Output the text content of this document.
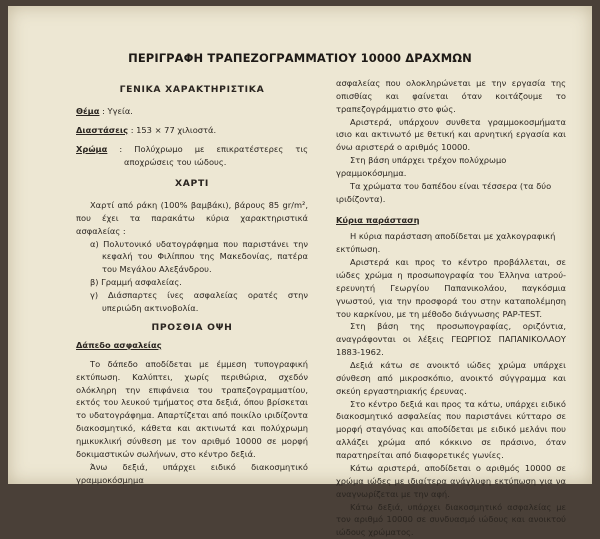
ΠΕΡΙΓΡΑΦΗ ΤΡΑΠΕΖΟΓΡΑΜΜΑΤΙΟΥ 10000 ΔΡΑΧΜΩΝ

ΓΕΝΙΚΑ ΧΑΡΑΚΤΗΡΙΣΤΙΚΑ

Θέμα : Υγεία.

Διαστάσεις : 153 × 77 χιλιοστά.

Χρώμα : Πολύχρωμο με επικρατέστερες τις αποχρώσεις του ιώδους.

ΧΑΡΤΙ

Χαρτί από ράκη (100% βαμβάκι), βάρους 85 gr/m², που έχει τα παρακάτω κύρια χαρακτηριστικά ασφαλείας :

α) Πολυτονικό υδατογράφημα που παριστάνει την κεφαλή του Φιλίππου της Μακεδονίας, πατέρα του Μεγάλου Αλεξάνδρου.

β) Γραμμή ασφαλείας.

γ) Διάσπαρτες ίνες ασφαλείας ορατές στην υπεριώδη ακτινοβολία.

ΠΡΟΣΘΙΑ ΟΨΗ

Δάπεδο ασφαλείας

Το δάπεδο αποδίδεται με έμμεση τυπογραφική εκτύπωση. Καλύπτει, χωρίς περιθώρια, σχεδόν ολόκληρη την επιφάνεια του τραπεζογραμματίου, εκτός του λευκού τμήματος στα δεξιά, όπου βρίσκεται το υδατογράφημα. Απαρτίζεται από ποικίλο ιριδίζοντα διακοσμητικό, κάθετα και ακτινωτά και πολύχρωμη ημικυκλική σύνθεση με τον αριθμό 10000 σε μορφή δοκιμαστικών σωλήνων, στο κέντρο δεξιά.

Άνω δεξιά, υπάρχει ειδικό διακοσμητικό γραμμοκόσμημα

ασφαλείας που ολοκληρώνεται με την εργασία της οπισθίας και φαίνεται όταν κοιτάζουμε το τραπεζογράμματιο στο φώς.

Αριστερά, υπάρχουν συνθετα γραμμοκοσμήματα ισιο και ακτινωτό με θετική και αρνητική εργασία και όνω αριστερά ο αριθμός 10000.

Στη βάση υπάρχει τρέχον πολύχρωμο γραμμοκόσμημα.

Τα χρώματα του δαπέδου είναι τέσσερα (τα δύο ιριδίζοντα).

Κύρια παράσταση

Η κύρια παράσταση αποδίδεται με χαλκογραφική εκτύπωση.

Αριστερά και προς το κέντρο προβάλλεται, σε ιώδες χρώμα η προσωπογραφία του Έλληνα ιατρού-ερευνητή Γεωργίου Παπανικολάου, παγκόσμια γνωστού, για την προσφορά του στην καταπολέμηση του καρκίνου, με τη μέθοδο διάγνωσης PAP-TEST.

Στη βάση της προσωπογραφίας, οριζόντια, αναγράφονται οι λέξεις ΓΕΩΡΓΙΟΣ ΠΑΠΑΝΙΚΟΛΑΟΥ 1883-1962.

Δεξιά κάτω σε ανοικτό ιώδες χρώμα υπάρχει σύνθεση από μικροσκόπιο, ανοικτό σύγγραμμα και σκεύη εργαστηριακής έρευνας.

Στο κέντρο δεξιά και προς τα κάτω, υπάρχει ειδικό διακοσμητικό ασφαλείας που παριστάνει κύτταρο σε μορφή σταγόνας και αποδίδεται με ειδικό μελάνι που αλλάζει χρώμα από κόκκινο σε πράσινο, όταν παρατηρείται από διαφορετικές γωνίες.

Κάτω αριστερά, αποδίδεται ο αριθμός 10000 σε χρώμα ιώδες με ιδιαίτερα ανάγλυφη εκτύπωση για να αναγνωρίζεται με την αφή.

Κάτω δεξιά, υπάρχει διακοσμητικό ασφαλείας με τον αριθμό 10000 σε συνδυασμό ιώδους και ανοικτού ιώδους χρώματος.
